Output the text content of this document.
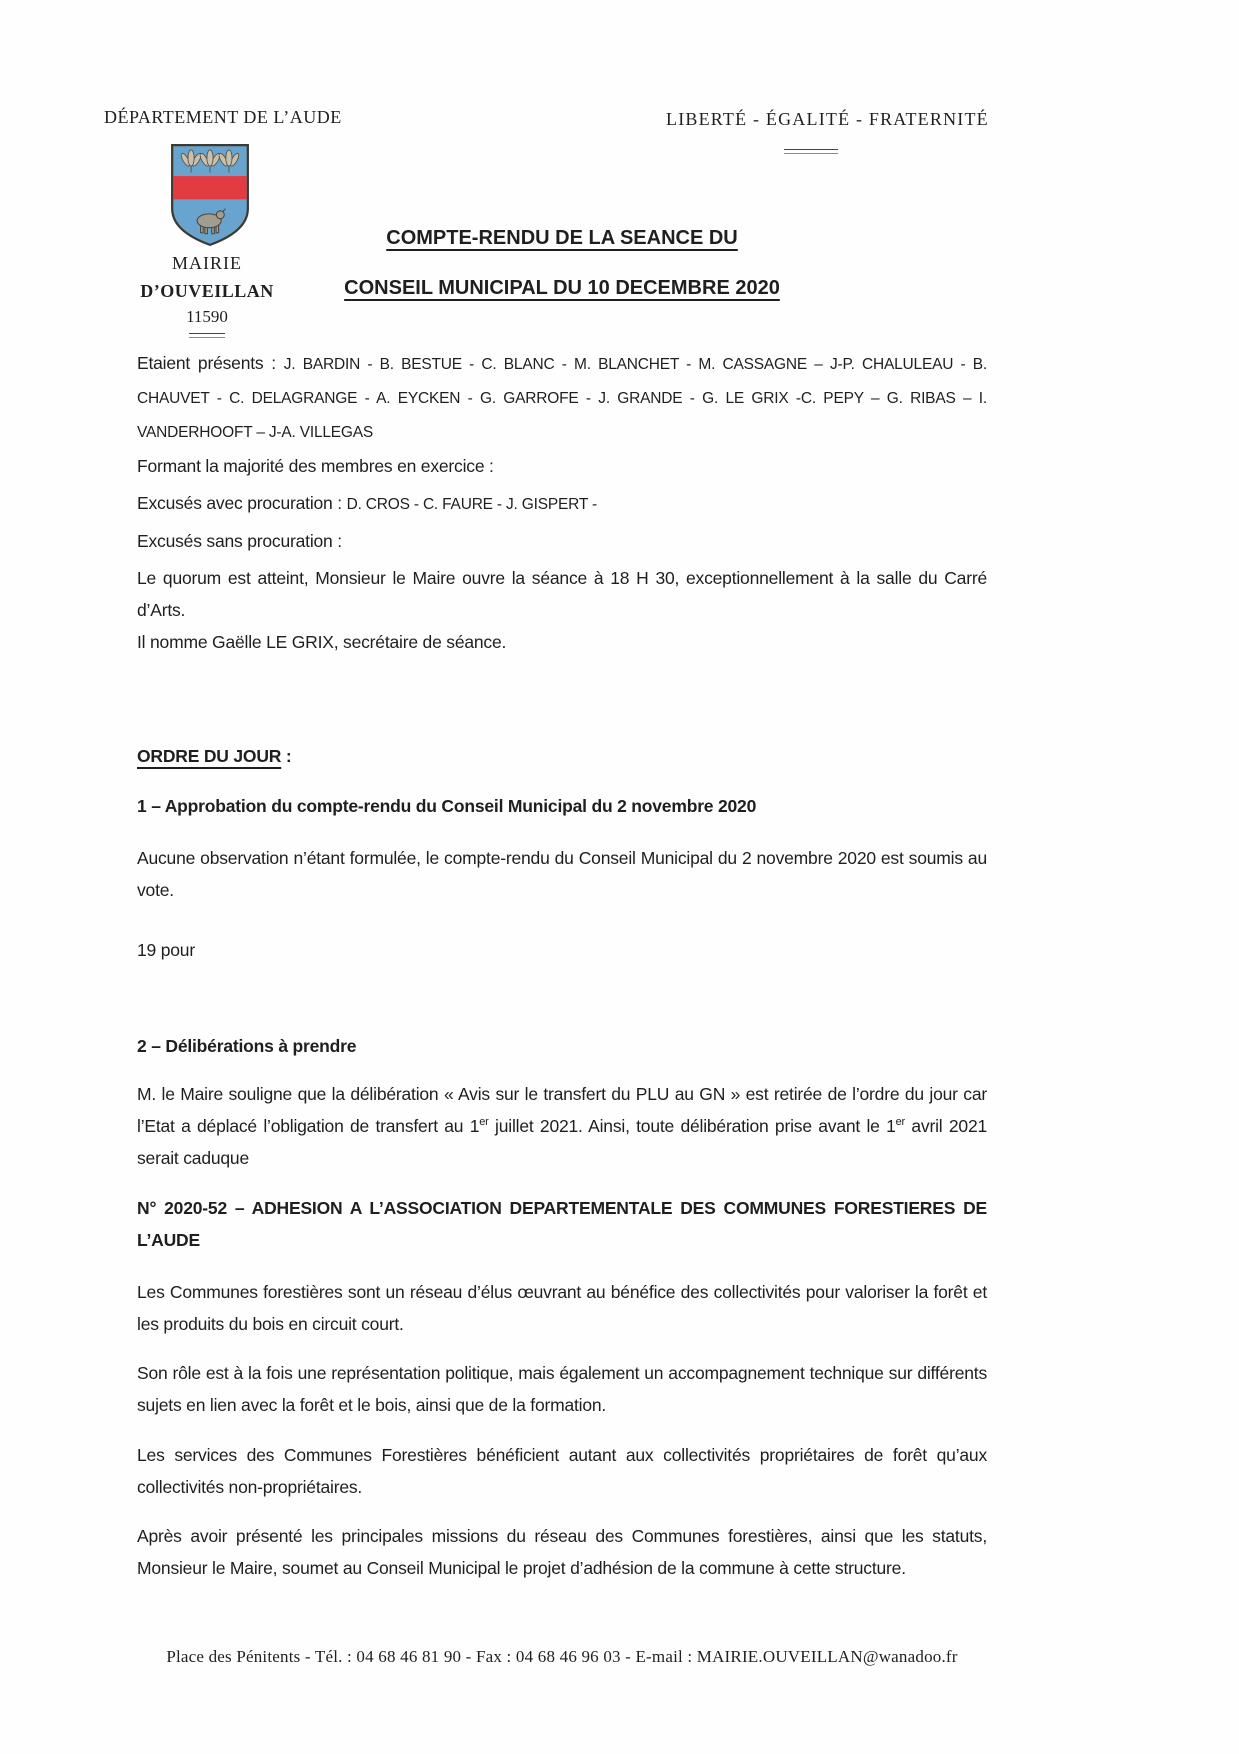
DÉPARTEMENT DE L’AUDE	LIBERTÉ - ÉGALITÉ - FRATERNITÉ
MAIRIE
D’OUVEILLAN
11590
COMPTE-RENDU DE LA SEANCE DU
CONSEIL MUNICIPAL DU 10 DECEMBRE 2020

Etaient présents : J. BARDIN - B. BESTUE - C. BLANC - M. BLANCHET - M. CASSAGNE – J-P. CHALULEAU - B. CHAUVET - C. DELAGRANGE - A. EYCKEN - G. GARROFE - J. GRANDE - G. LE GRIX -C. PEPY – G. RIBAS – I. VANDERHOOFT – J-A. VILLEGAS

Formant la majorité des membres en exercice :

Excusés avec procuration : D. CROS - C. FAURE - J. GISPERT -

Excusés sans procuration :

Le quorum est atteint, Monsieur le Maire ouvre la séance à 18 H 30, exceptionnellement à la salle du Carré d’Arts.
Il nomme Gaëlle LE GRIX, secrétaire de séance.

ORDRE DU JOUR :

1 – Approbation du compte-rendu du Conseil Municipal du 2 novembre 2020

Aucune observation n’étant formulée, le compte-rendu du Conseil Municipal du 2 novembre 2020 est soumis au vote.

19 pour

2 – Délibérations à prendre

M. le Maire souligne que la délibération « Avis sur le transfert du PLU au GN » est retirée de l’ordre du jour car l’Etat a déplacé l’obligation de transfert au 1er juillet 2021. Ainsi, toute délibération prise avant le 1er avril 2021 serait caduque

N° 2020-52 – ADHESION A L’ASSOCIATION DEPARTEMENTALE DES COMMUNES FORESTIERES DE L’AUDE

Les Communes forestières sont un réseau d’élus œuvrant au bénéfice des collectivités pour valoriser la forêt et les produits du bois en circuit court.

Son rôle est à la fois une représentation politique, mais également un accompagnement technique sur différents sujets en lien avec la forêt et le bois, ainsi que de la formation.

Les services des Communes Forestières bénéficient autant aux collectivités propriétaires de forêt qu’aux collectivités non-propriétaires.

Après avoir présenté les principales missions du réseau des Communes forestières, ainsi que les statuts, Monsieur le Maire, soumet au Conseil Municipal le projet d’adhésion de la commune à cette structure.

Place des Pénitents - Tél. : 04 68 46 81 90 - Fax : 04 68 46 96 03 - E-mail : MAIRIE.OUVEILLAN@wanadoo.fr
